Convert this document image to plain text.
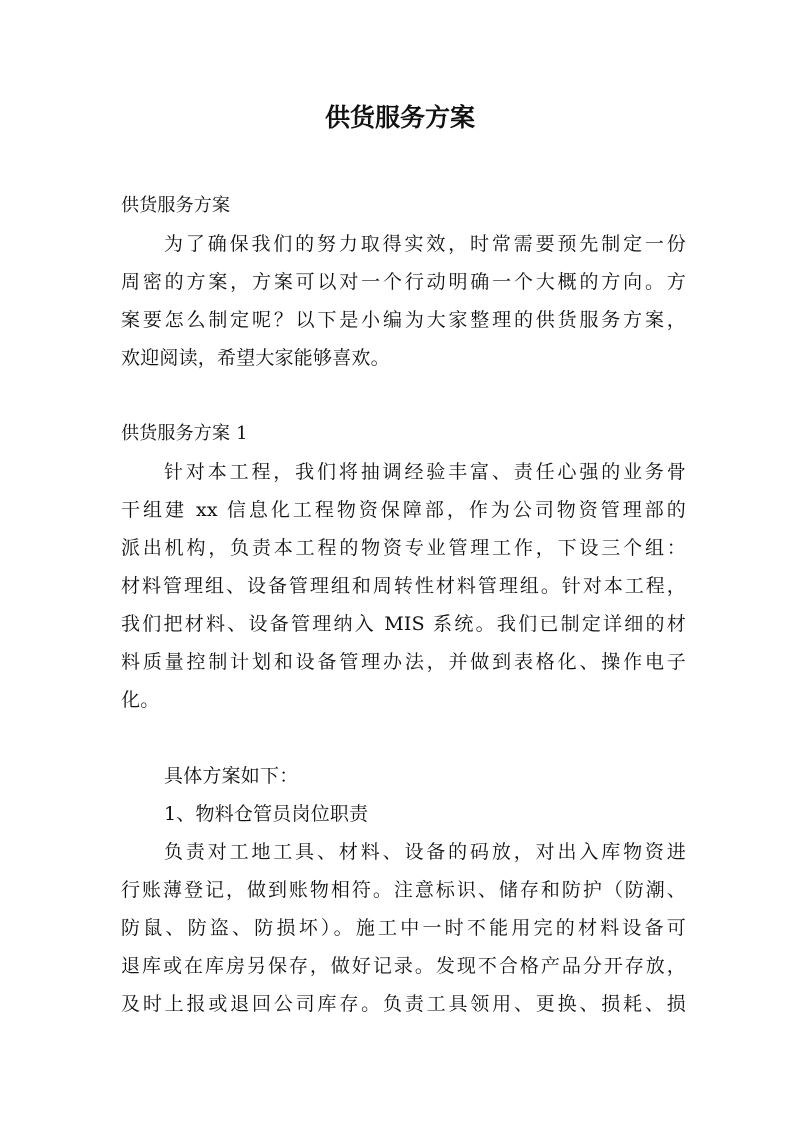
供货服务方案
供货服务方案
为了确保我们的努力取得实效，时常需要预先制定一份
周密的方案，方案可以对一个行动明确一个大概的方向。方
案要怎么制定呢？以下是小编为大家整理的供货服务方案，
欢迎阅读，希望大家能够喜欢。
供货服务方案 1
针对本工程，我们将抽调经验丰富、责任心强的业务骨
干组建 xx 信息化工程物资保障部，作为公司物资管理部的
派出机构，负责本工程的物资专业管理工作，下设三个组：
材料管理组、设备管理组和周转性材料管理组。针对本工程，
我们把材料、设备管理纳入 MIS 系统。我们已制定详细的材
料质量控制计划和设备管理办法，并做到表格化、操作电子
化。
具体方案如下：
1、物料仓管员岗位职责
负责对工地工具、材料、设备的码放，对出入库物资进
行账薄登记，做到账物相符。注意标识、储存和防护（防潮、
防鼠、防盗、防损坏）。施工中一时不能用完的材料设备可
退库或在库房另保存，做好记录。发现不合格产品分开存放，
及时上报或退回公司库存。负责工具领用、更换、损耗、损
